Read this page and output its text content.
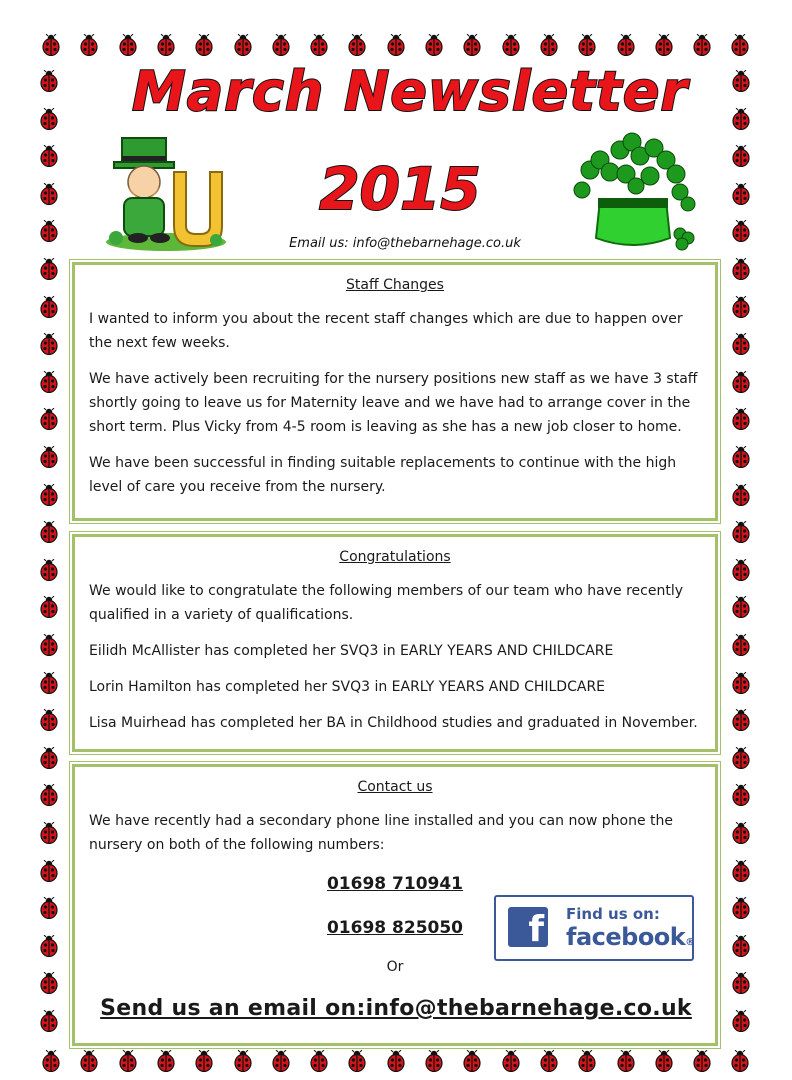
March Newsletter
2015
Email us: info@thebarnehage.co.uk
Staff Changes

I wanted to inform you about the recent staff changes which are due to happen over the next few weeks.

We have actively been recruiting for the nursery positions new staff as we have 3 staff shortly going to leave us for Maternity leave and we have had to arrange cover in the short term. Plus Vicky from 4-5 room is leaving as she has a new job closer to home.

We have been successful in finding suitable replacements to continue with the high level of care you receive from the nursery.

Congratulations

We would like to congratulate the following members of our team who have recently qualified in a variety of qualifications.

Eilidh McAllister has completed her SVQ3 in EARLY YEARS AND CHILDCARE

Lorin Hamilton has completed her SVQ3 in EARLY YEARS AND CHILDCARE

Lisa Muirhead has completed her BA in Childhood studies and graduated in November.

Contact us

We have recently had a secondary phone line installed and you can now phone the nursery on both of the following numbers:

01698 710941
01698 825050
Or
Send us an email on:info@thebarnehage.co.uk
f Find us on:
facebook®
